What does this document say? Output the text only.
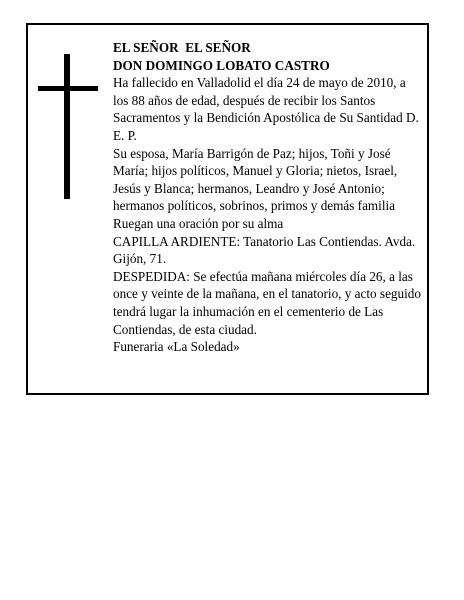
EL SEÑOR  EL SEÑOR

DON DOMINGO LOBATO CASTRO

Ha fallecido en Valladolid el día 24 de mayo de 2010, a los 88 años de edad, después de recibir los Santos Sacramentos y la Bendición Apostólica de Su Santidad D. E. P.

Su esposa, María Barrigón de Paz; hijos, Toñi y José María; hijos políticos, Manuel y Gloria; nietos, Israel, Jesús y Blanca; hermanos, Leandro y José Antonio; hermanos políticos, sobrinos, primos y demás familia

Ruegan una oración por su alma

CAPILLA ARDIENTE: Tanatorio Las Contiendas. Avda. Gijón, 71.

DESPEDIDA: Se efectúa mañana miércoles día 26, a las once y veinte de la mañana, en el tanatorio, y acto seguido tendrá lugar la inhumación en el cementerio de Las Contiendas, de esta ciudad.

Funeraria «La Soledad»
